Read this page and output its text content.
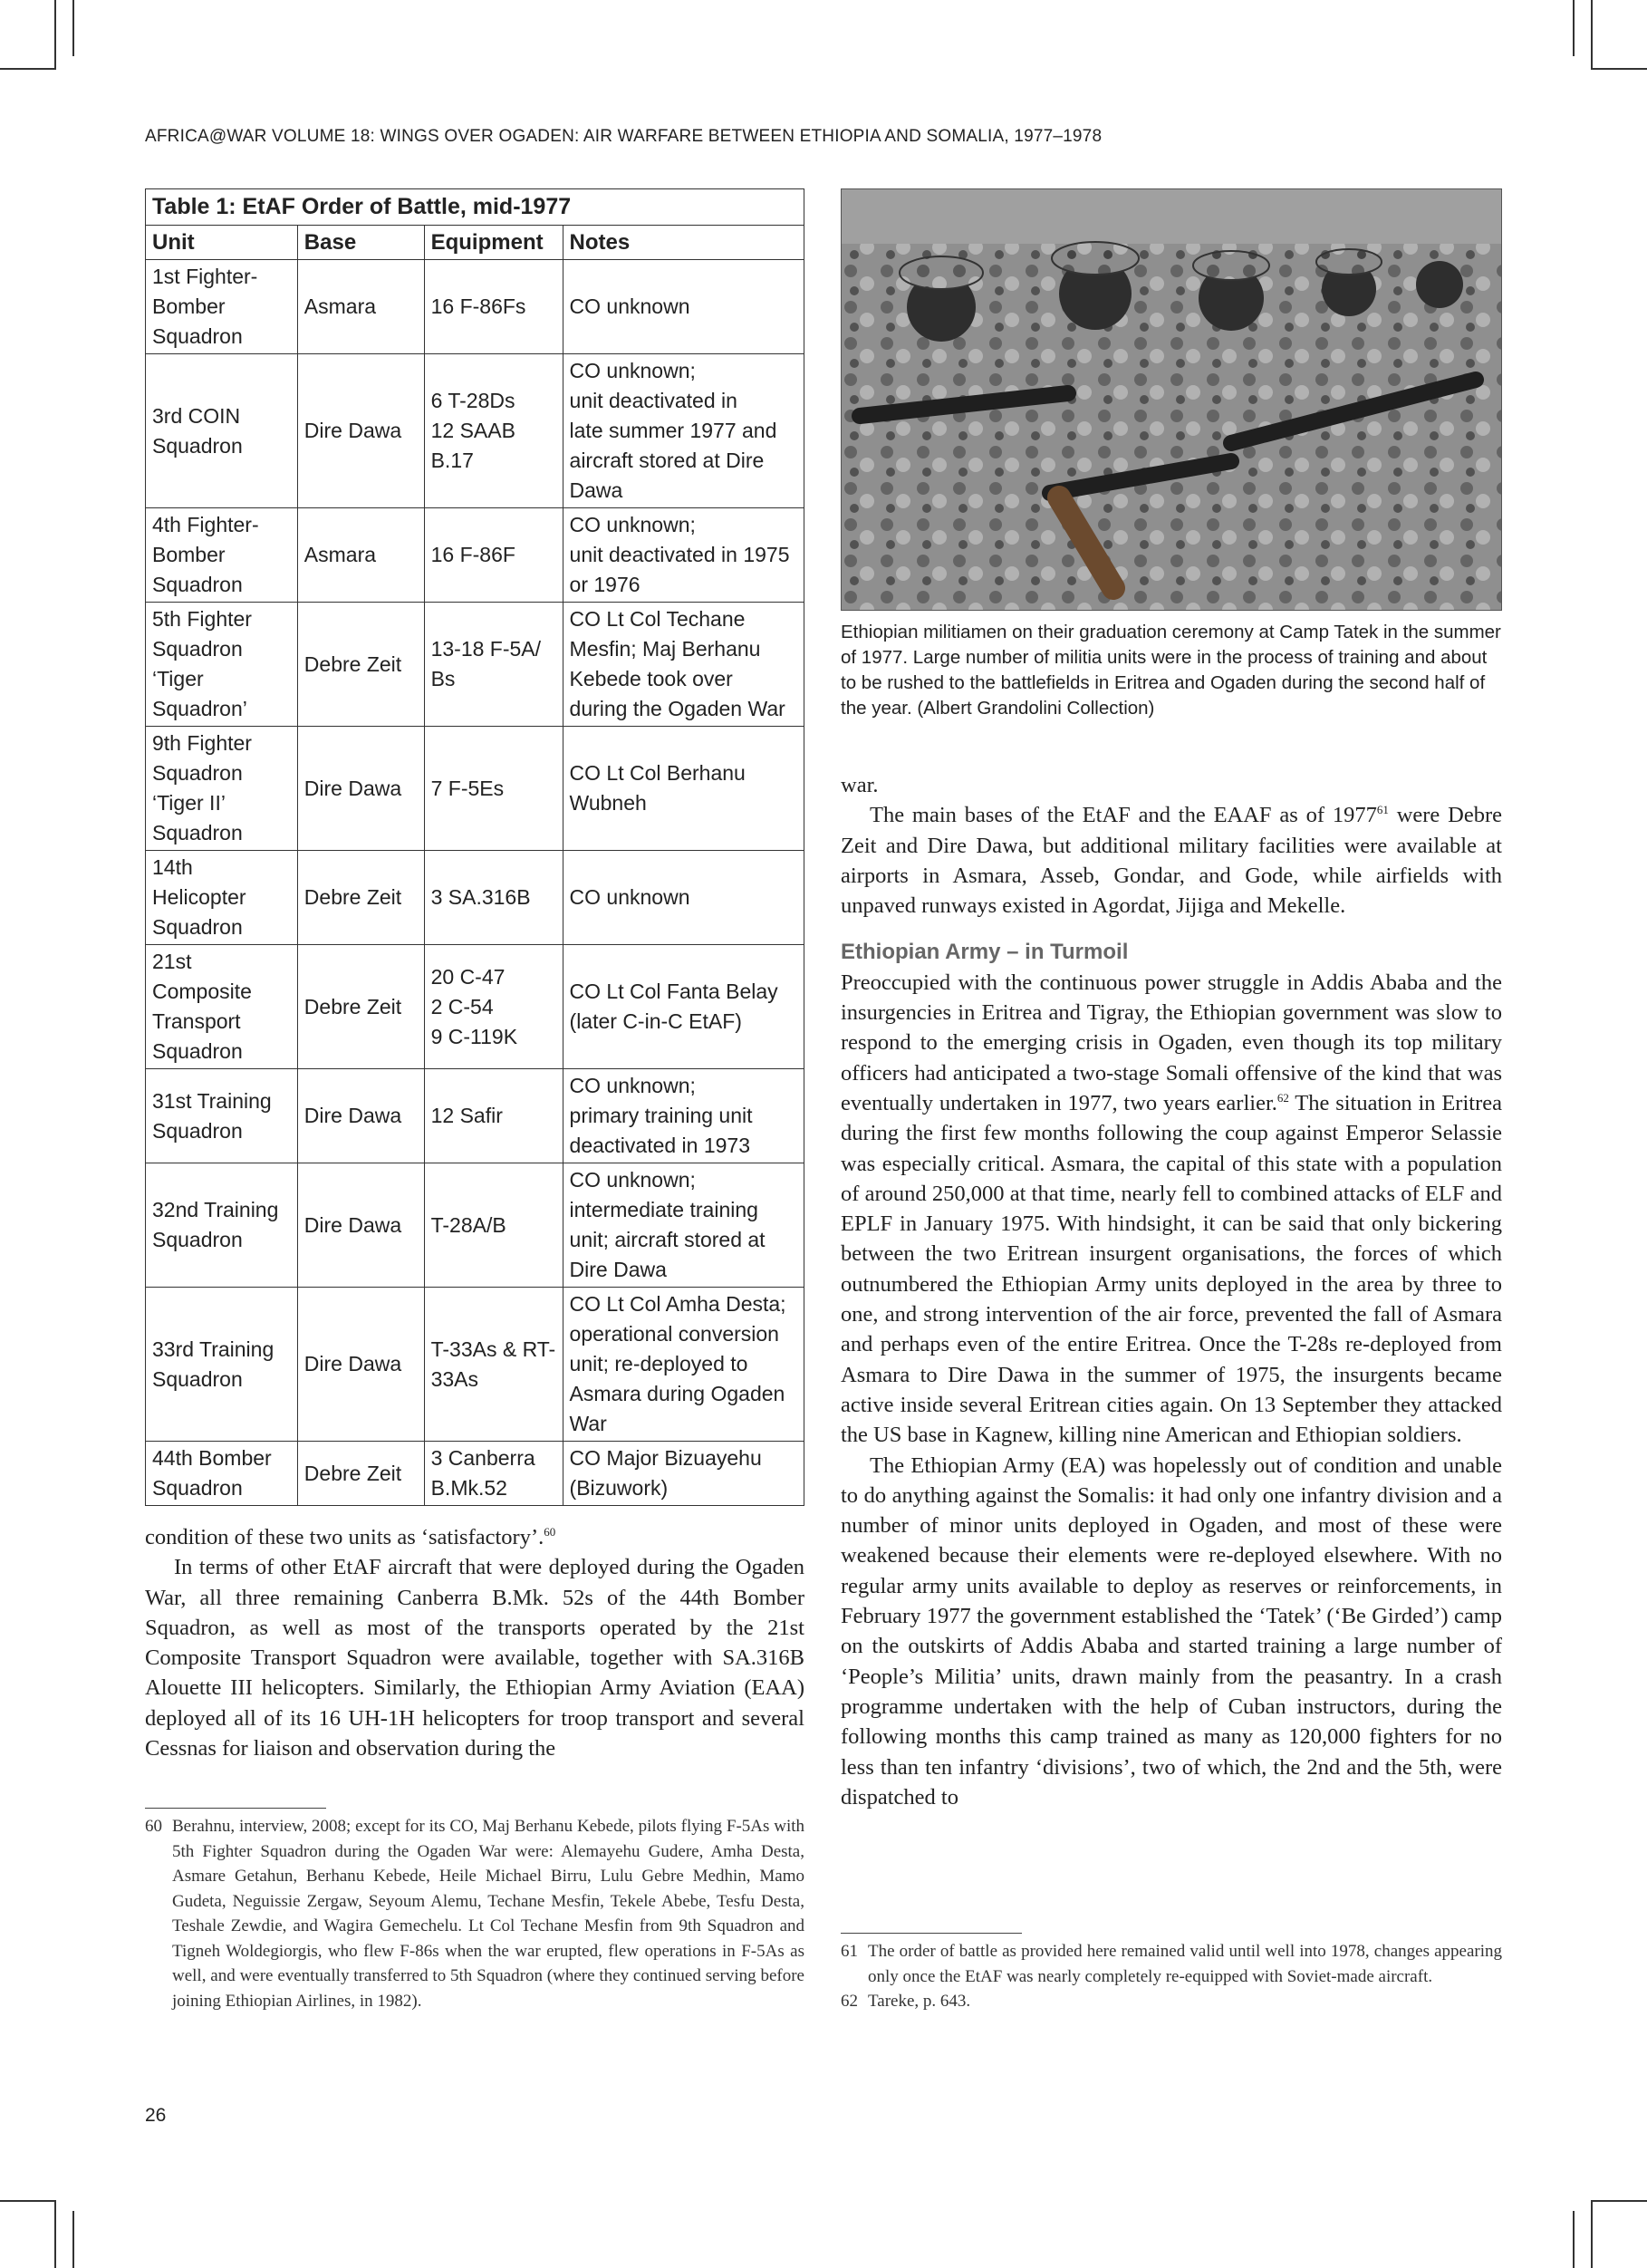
AFRICA@WAR VOLUME 18: WINGS OVER OGADEN: AIR WARFARE BETWEEN ETHIOPIA AND SOMALIA, 1977–1978
Table 1: EtAF Order of Battle, mid-1977			
Unit	Base	Equipment	Notes

1st Fighter-
Bomber
Squadron	Asmara	16 F-86Fs	CO unknown

3rd COIN
Squadron	Dire Dawa	6 T-28Ds
12 SAAB B.17	CO unknown;
unit deactivated in
late summer 1977 and
aircraft stored at Dire
Dawa

4th Fighter-
Bomber
Squadron	Asmara	16 F-86F	CO unknown;
unit deactivated in 1975
or 1976

5th Fighter
Squadron
‘Tiger
Squadron’	Debre Zeit	13-18 F-5A/
Bs	CO Lt Col Techane
Mesfin; Maj Berhanu
Kebede took over
during the Ogaden War

9th Fighter
Squadron
‘Tiger II’
Squadron	Dire Dawa	7 F-5Es	CO Lt Col Berhanu
Wubneh

14th
Helicopter
Squadron	Debre Zeit	3 SA.316B	CO unknown

21st
Composite
Transport
Squadron	Debre Zeit	20 C-47
2 C-54
9 C-119K	CO Lt Col Fanta Belay
(later C-in-C EtAF)

31st Training
Squadron	Dire Dawa	12 Safir	CO unknown;
primary training unit
deactivated in 1973

32nd Training
Squadron	Dire Dawa	T-28A/B	CO unknown;
intermediate training
unit; aircraft stored at
Dire Dawa

33rd Training
Squadron	Dire Dawa	T-33As & RT-
33As	CO Lt Col Amha Desta;
operational conversion
unit; re-deployed to
Asmara during Ogaden
War

44th Bomber
Squadron	Debre Zeit	3 Canberra
B.Mk.52	CO Major Bizuayehu
(Bizuwork)

condition of these two units as ‘satisfactory’.$^{60}$

In terms of other EtAF aircraft that were deployed during the Ogaden War, all three remaining Canberra B.Mk. 52s of the 44th Bomber Squadron, as well as most of the transports operated by the 21st Composite Transport Squadron were available, together with SA.316B Alouette III helicopters. Similarly, the Ethiopian Army Aviation (EAA) deployed all of its 16 UH-1H helicopters for troop transport and several Cessnas for liaison and observation during the

60 Berahnu, interview, 2008; except for its CO, Maj Berhanu Kebede, pilots flying F-5As with 5th Fighter Squadron during the Ogaden War were: Alemayehu Gudere, Amha Desta, Asmare Getahun, Berhanu Kebede, Heile Michael Birru, Lulu Gebre Medhin, Mamo Gudeta, Neguissie Zergaw, Seyoum Alemu, Techane Mesfin, Tekele Abebe, Tesfu Desta, Teshale Zewdie, and Wagira Gemechelu. Lt Col Techane Mesfin from 9th Squadron and Tigneh Woldegiorgis, who flew F-86s when the war erupted, flew operations in F-5As as well, and were eventually transferred to 5th Squadron (where they continued serving before joining Ethiopian Airlines, in 1982).
Ethiopian militiamen on their graduation ceremony at Camp Tatek in the summer of 1977. Large number of militia units were in the process of training and about to be rushed to the battlefields in Eritrea and Ogaden during the second half of the year. (Albert Grandolini Collection)

war.

The main bases of the EtAF and the EAAF as of 1977$^{61}$ were Debre Zeit and Dire Dawa, but additional military facilities were available at airports in Asmara, Asseb, Gondar, and Gode, while airfields with unpaved runways existed in Agordat, Jijiga and Mekelle.

Ethiopian Army – in Turmoil

Preoccupied with the continuous power struggle in Addis Ababa and the insurgencies in Eritrea and Tigray, the Ethiopian government was slow to respond to the emerging crisis in Ogaden, even though its top military officers had anticipated a two-stage Somali offensive of the kind that was eventually undertaken in 1977, two years earlier.$^{62}$ The situation in Eritrea during the first few months following the coup against Emperor Selassie was especially critical. Asmara, the capital of this state with a population of around 250,000 at that time, nearly fell to combined attacks of ELF and EPLF in January 1975. With hindsight, it can be said that only bickering between the two Eritrean insurgent organisations, the forces of which outnumbered the Ethiopian Army units deployed in the area by three to one, and strong intervention of the air force, prevented the fall of Asmara and perhaps even of the entire Eritrea. Once the T-28s re-deployed from Asmara to Dire Dawa in the summer of 1975, the insurgents became active inside several Eritrean cities again. On 13 September they attacked the US base in Kagnew, killing nine American and Ethiopian soldiers.

The Ethiopian Army (EA) was hopelessly out of condition and unable to do anything against the Somalis: it had only one infantry division and a number of minor units deployed in Ogaden, and most of these were weakened because their elements were re-deployed elsewhere. With no regular army units available to deploy as reserves or reinforcements, in February 1977 the government established the ‘Tatek’ (‘Be Girded’) camp on the outskirts of Addis Ababa and started training a large number of ‘People’s Militia’ units, drawn mainly from the peasantry. In a crash programme undertaken with the help of Cuban instructors, during the following months this camp trained as many as 120,000 fighters for no less than ten infantry ‘divisions’, two of which, the 2nd and the 5th, were dispatched to

61 The order of battle as provided here remained valid until well into 1978, changes appearing only once the EtAF was nearly completely re-equipped with Soviet-made aircraft.
62 Tareke, p. 643.
26
